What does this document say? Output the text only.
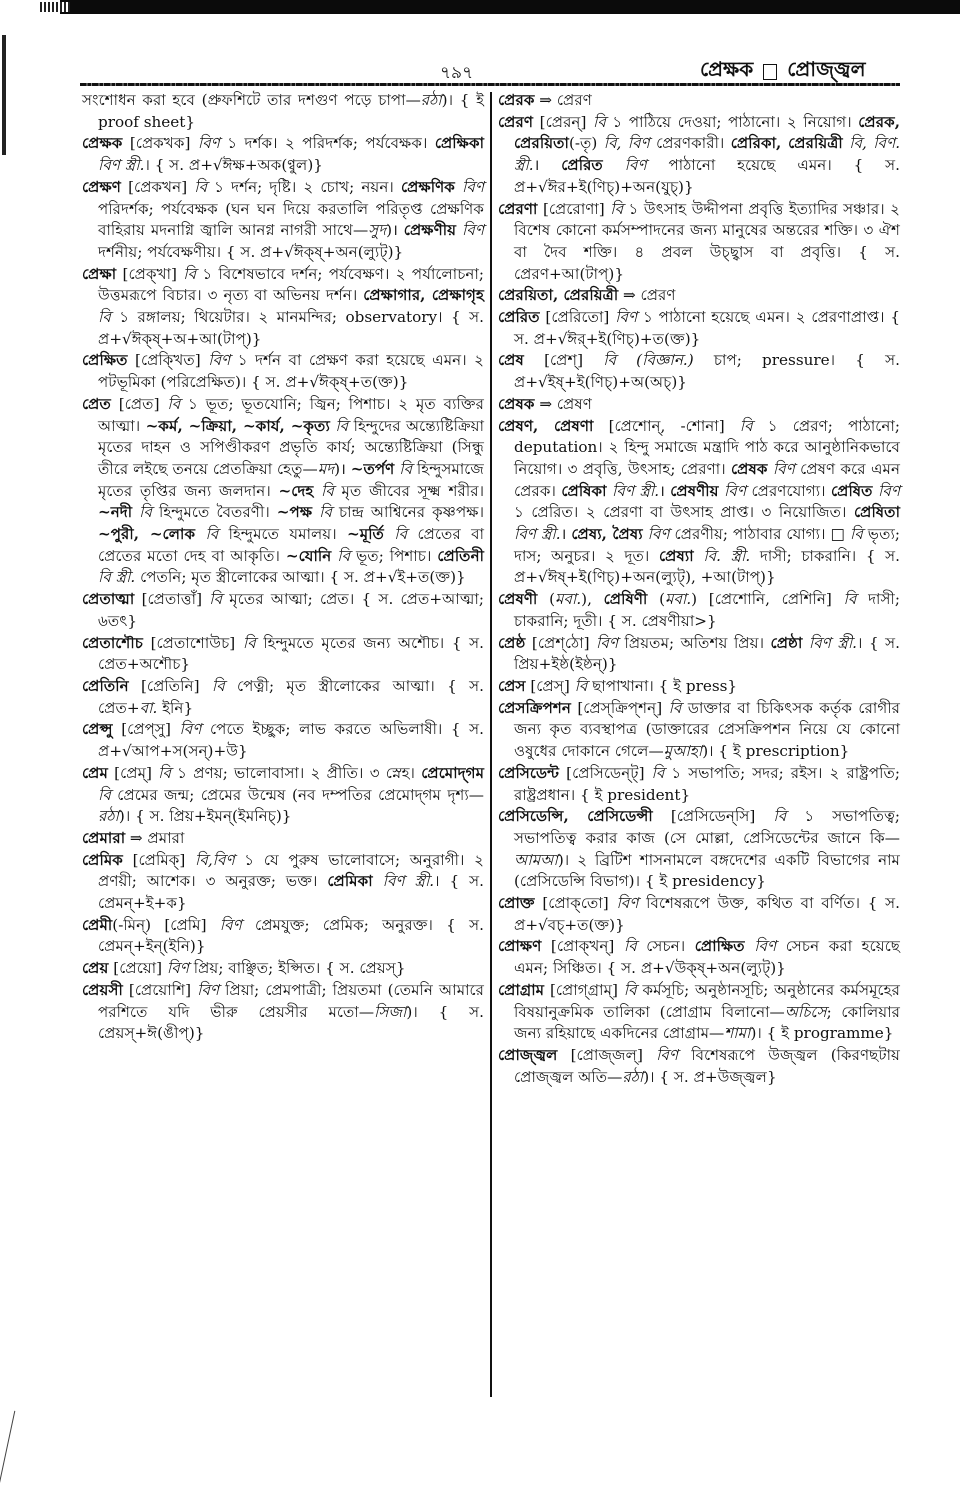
৭৯৭	প্রেক্ষক প্রোজ্জ্বল

সংশোধন করা হবে (প্রুফশিটে তার দশগুণ পড়ে চাপা—রঠা)। { ই proof sheet}

প্রেক্ষক [প্রেকখক] বিণ ১ দর্শক। ২ পরিদর্শক; পর্যবেক্ষক। প্রেক্ষিকা বিণ স্ত্রী.। { স. প্র+√ঈক্ষ+অক(ণ্বুল)}

প্রেক্ষণ [প্রেকখন] বি ১ দর্শন; দৃষ্টি। ২ চোখ; নয়ন। প্রেক্ষণিক বিণ পরিদর্শক; পর্যবেক্ষক (ঘন ঘন দিয়ে করতালি পরিতৃপ্ত প্রেক্ষণিক বাহিরায় মদনাগ্নি জ্বালি আনগ্ন নাগরী সাথে—সুদ)। প্রেক্ষণীয় বিণ দর্শনীয়; পর্যবেক্ষণীয়। { স. প্র+√ঈক্ষ্+অন(ল্যুট্)}

প্রেক্ষা [প্রেক্খা] বি ১ বিশেষভাবে দর্শন; পর্যবেক্ষণ। ২ পর্যালোচনা; উত্তমরূপে বিচার। ৩ নৃত্য বা অভিনয় দর্শন। প্রেক্ষাগার, প্রেক্ষাগৃহ বি ১ রঙ্গালয়; থিয়েটার। ২ মানমন্দির; observatory। { স. প্র+√ঈক্ষ্+অ+আ(টাপ্)}

প্রেক্ষিত [প্রেক্খিত] বিণ ১ দর্শন বা প্রেক্ষণ করা হয়েছে এমন। ২ পটভূমিকা (পরিপ্রেক্ষিত)। { স. প্র+√ঈক্ষ্+ত(ক্ত)}

প্রেত [প্রেত] বি ১ ভূত; ভূতযোনি; জ্বিন; পিশাচ। ২ মৃত ব্যক্তির আত্মা। ~কর্ম, ~ক্রিয়া, ~কার্য, ~কৃত্য বি হিন্দুদের অন্ত্যেষ্টিক্রিয়া মৃতের দাহন ও সপিণ্ডীকরণ প্রভৃতি কার্য; অন্ত্যেষ্টিক্রিয়া (সিন্ধু তীরে লইছে তনয়ে প্রেতক্রিয়া হেতু—মদ)। ~তর্পণ বি হিন্দুসমাজে মৃতের তৃপ্তির জন্য জলদান। ~দেহ বি মৃত জীবের সূক্ষ্ম শরীর। ~নদী বি হিন্দুমতে বৈতরণী। ~পক্ষ বি চান্দ্র আশ্বিনের কৃষ্ণপক্ষ। ~পুরী, ~লোক বি হিন্দুমতে যমালয়। ~মূর্তি বি প্রেতের বা প্রেতের মতো দেহ বা আকৃতি। ~যোনি বি ভূত; পিশাচ। প্রেতিনী বি স্ত্রী. পেতনি; মৃত স্ত্রীলোকের আত্মা। { স. প্র+√ই+ত(ক্ত)}

প্রেতাত্মা [প্রেতাত্তাঁ] বি মৃতের আত্মা; প্রেত। { স. প্রেত+আত্মা; ৬তৎ}

প্রেতাশৌচ [প্রেতাশোউচ] বি হিন্দুমতে মৃতের জন্য অশৌচ। { স. প্রেত+অশৌচ}

প্রেতিনি [প্রেতিনি] বি পেত্নী; মৃত স্ত্রীলোকের আত্মা। { স. প্রেত+বা. ইনি}

প্রেপ্সু [প্রেপ্‌সু] বিণ পেতে ইচ্ছুক; লাভ করতে অভিলাষী। { স. প্র+√আপ+স(সন্)+উ}

প্রেম [প্রেম্] বি ১ প্রণয়; ভালোবাসা। ২ প্রীতি। ৩ স্নেহ। প্রেমোদ্‌গম বি প্রেমের জন্ম; প্রেমের উন্মেষ (নব দম্পতির প্রেমোদ্‌গম দৃশ্য—রঠা)। { স. প্রিয়+ইমন্(ইমনিচ্)}

প্রেমারা ⇒ প্রমারা

প্রেমিক [প্রেমিক্] বি,বিণ ১ যে পুরুষ ভালোবাসে; অনুরাগী। ২ প্রণয়ী; আশেক। ৩ অনুরক্ত; ভক্ত। প্রেমিকা বিণ স্ত্রী.। { স. প্রেমন্+ই+ক}

প্রেমী(-মিন্) [প্রেমি] বিণ প্রেমযুক্ত; প্রেমিক; অনুরক্ত। { স. প্রেমন্+ইন্(ইনি)}

প্রেয় [প্রেয়ো] বিণ প্রিয়; বাঞ্ছিত; ইপ্সিত। { স. প্রেয়স্}

প্রেয়সী [প্রেয়োশি] বিণ প্রিয়া; প্রেমপাত্রী; প্রিয়তমা (তেমনি আমারে পরশিতে যদি ভীরু প্রেয়সীর মতো—সিজা)। { স. প্রেয়স্+ঈ(ঙীপ্)}

প্রেরক ⇒ প্রেরণ

প্রেরণ [প্রেরন্] বি ১ পাঠিয়ে দেওয়া; পাঠানো। ২ নিয়োগ। প্রেরক, প্রেরয়িতা(-তৃ) বি, বিণ প্রেরণকারী। প্রেরিকা, প্রেরয়িত্রী বি, বিণ. স্ত্রী.। প্রেরিত বিণ পাঠানো হয়েছে এমন। { স. প্র+√ঈর+ই(ণিচ্)+অন(যুচ্)}

প্রেরণা [প্রেরোণা] বি ১ উৎসাহ উদ্দীপনা প্রবৃত্তি ইত্যাদির সঞ্চার। ২ বিশেষ কোনো কর্মসম্পাদনের জন্য মানুষের অন্তরের শক্তি। ৩ ঐশ বা দৈব শক্তি। ৪ প্রবল উচ্ছ্বাস বা প্রবৃত্তি। { স. প্রেরণ+আ(টাপ্)}

প্রেরয়িতা, প্রেরয়িত্রী ⇒ প্রেরণ

প্রেরিত [প্রেরিতো] বিণ ১ পাঠানো হয়েছে এমন। ২ প্রেরণাপ্রাপ্ত। { স. প্র+√ঈর্+ই(ণিচ্)+ত(ক্ত)}

প্রেষ [প্রেশ্] বি (বিজ্ঞান.) চাপ; pressure। { স. প্র+√ইষ্+ই(ণিচ্)+অ(অচ্)}

প্রেষক ⇒ প্রেষণ

প্রেষণ, প্রেষণা [প্রেশোন্, -শোনা] বি ১ প্রেরণ; পাঠানো; deputation। ২ হিন্দু সমাজে মন্ত্রাদি পাঠ করে আনুষ্ঠানিকভাবে নিয়োগ। ৩ প্রবৃত্তি, উৎসাহ; প্রেরণা। প্রেষক বিণ প্রেষণ করে এমন প্রেরক। প্রেষিকা বিণ স্ত্রী.। প্রেষণীয় বিণ প্রেরণযোগ্য। প্রেষিত বিণ ১ প্রেরিত। ২ প্রেরণা বা উৎসাহ প্রাপ্ত। ৩ নিয়োজিত। প্রেষিতা বিণ স্ত্রী.। প্রেষ্য, প্রৈষ্য বিণ প্রেরণীয়; পাঠাবার যোগ্য। □ বি ভৃত্য; দাস; অনুচর। ২ দূত। প্রেষ্যা বি. স্ত্রী. দাসী; চাকরানি। { স. প্র+√ঈষ্+ই(ণিচ্)+অন(ল্যুট্), +আ(টাপ্)}

প্রেষণী (মবা.), প্রেষিণী (মবা.) [প্রেশোনি, প্রেশিনি] বি দাসী; চাকরানি; দূতী। { স. প্রেষণীয়া>}

প্রেষ্ঠ [প্রেশ্‌ঠো] বিণ প্রিয়তম; অতিশয় প্রিয়। প্রেষ্ঠা বিণ স্ত্রী.। { স. প্রিয়+ইষ্ঠ(ইষ্ঠন্)}

প্রেস [প্রেস্] বি ছাপাখানা। { ই press}

প্রেসক্রিপশন [প্রেস্‌ক্রিপ্‌শন্] বি ডাক্তার বা চিকিৎসক কর্তৃক রোগীর জন্য কৃত ব্যবস্থাপত্র (ডাক্তারের প্রেসক্রিপশন নিয়ে যে কোনো ওষুধের দোকানে গেলে—মুআহা)। { ই prescription}

প্রেসিডেন্ট [প্রেসিডেন্‌ট্] বি ১ সভাপতি; সদর; রইস। ২ রাষ্ট্রপতি; রাষ্ট্রপ্রধান। { ই president}

প্রেসিডেন্সি, প্রেসিডেন্সী [প্রেসিডেন্‌সি] বি ১ সভাপতিত্ব; সভাপতিত্ব করার কাজ (সে মোল্লা, প্রেসিডেন্টের জানে কি—আমআ)। ২ ব্রিটিশ শাসনামলে বঙ্গদেশের একটি বিভাগের নাম (প্রেসিডেন্সি বিভাগ)। { ই presidency}

প্রোক্ত [প্রোক্‌তো] বিণ বিশেষরূপে উক্ত, কথিত বা বর্ণিত। { স. প্র+√বচ্+ত(ক্ত)}

প্রোক্ষণ [প্রোক্‌খন্] বি সেচন। প্রোক্ষিত বিণ সেচন করা হয়েছে এমন; সিঞ্চিত। { স. প্র+√উক্ষ্+অন(ল্যুট্)}

প্রোগ্রাম [প্রোগ্‌গ্রাম্] বি কর্মসূচি; অনুষ্ঠানসূচি; অনুষ্ঠানের কর্মসমূহের বিষয়ানুক্রমিক তালিকা (প্রোগ্রাম বিলানো—অচিসে; কোলিয়ার জন্য রহিয়াছে একদিনের প্রোগ্রাম—শামা)। { ই programme}

প্রোজ্জ্বল [প্রোজ্‌জল্] বিণ বিশেষরূপে উজ্জ্বল (কিরণছটায় প্রোজ্জ্বল অতি—রঠা)। { স. প্র+উজ্জ্বল}
